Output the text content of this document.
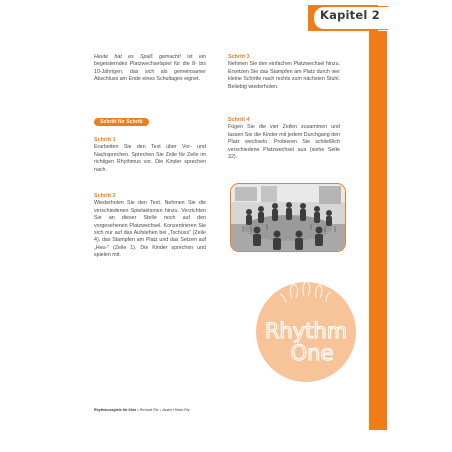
Kapitel 2

Heute hat es Spaß gemacht! ist ein begeisterndes Platzwechselspiel für die 8- bis 10-Jährigen, das sich als gemeinsamer Abschluss am Ende eines Schultages eignet.

Schritt für Schritt

Schritt 1

Erarbeiten Sie den Text über Vor- und Nachsprechen. Sprechen Sie Zeile für Zeile im richtigen Rhythmus vor. Die Kinder sprechen nach.

Schritt 2

Wiederholen Sie den Text. Nehmen Sie die verschiedenen Spielaktionen hinzu. Verzichten Sie an dieser Stelle noch auf den vorgesehenen Platzwechsel. Konzentrieren Sie sich nur auf das Aufstehen bei „Tschüss" (Zeile 4), das Stampfen am Platz und das Setzen auf „Heu-" (Zeile 1). Die Kinder sprechen und spielen mit.

Schritt 3

Nehmen Sie den einfachen Platzwechsel hinzu. Ersetzen Sie das Stampfen am Platz durch vier kleine Schritte nach rechts zum nächsten Stuhl. Beliebig wiederholen.

Schritt 4

Fügen Sie die vier Zeilen zusammen und lassen Sie die Kinder mit jedem Durchgang den Platz wechseln. Probieren Sie schließlich verschiedene Platzwechsel aus (siehe Seite 32).

Rhythm
One
Rhythmusspiele für Kids • Richard Filz • Janice Höber-Filz	41
